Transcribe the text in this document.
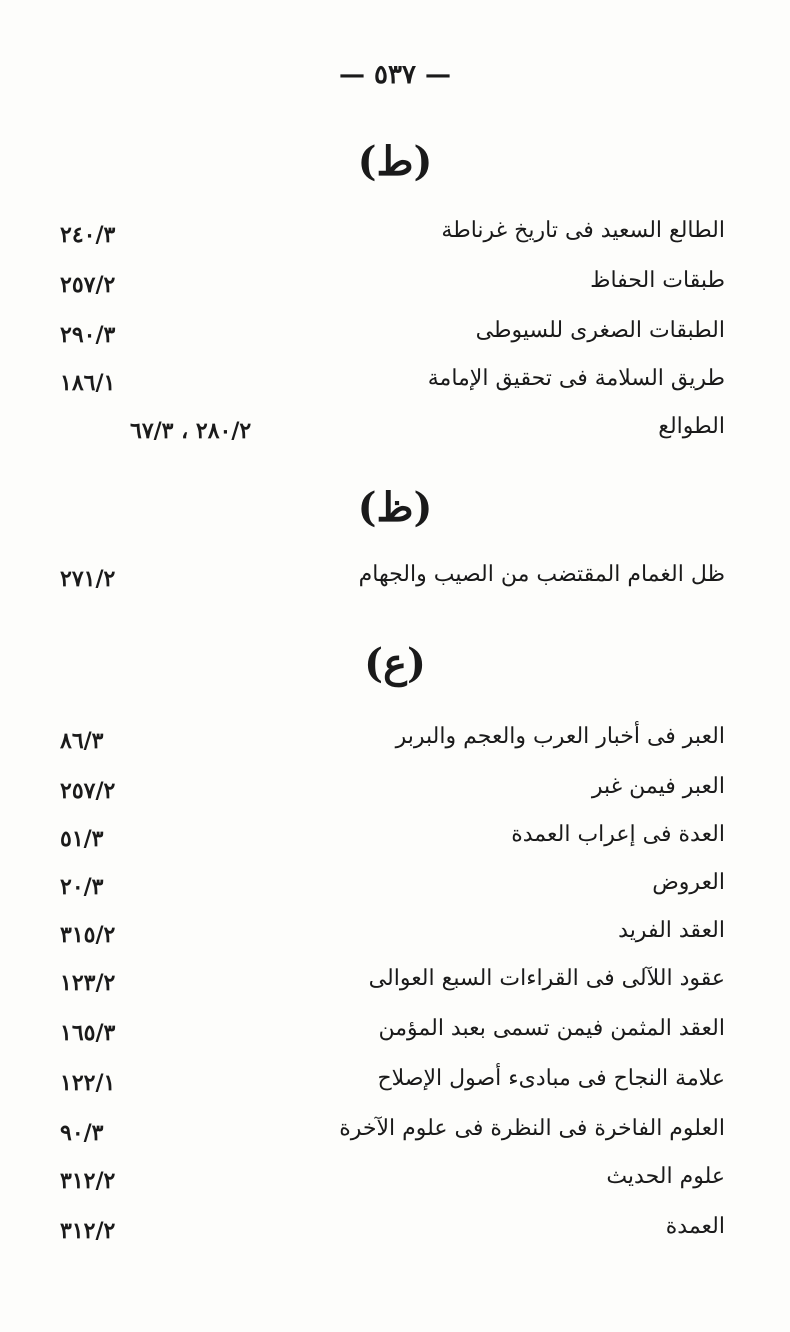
— ٥٣٧ —
(ط)
الطالع السعيد فى تاريخ غرناطة
٢٤٠/٣
طبقات الحفاظ
٢٥٧/٢
الطبقات الصغرى للسيوطى
٢٩٠/٣
طريق السلامة فى تحقيق الإمامة
١٨٦/١
الطوالع
٢٨٠/٢ ، ٦٧/٣
(ظ)
ظل الغمام المقتضب من الصيب والجهام
٢٧١/٢
(ع)
العبر فى أخبار العرب والعجم والبربر
٨٦/٣
العبر فيمن غبر
٢٥٧/٢
العدة فى إعراب العمدة
٥١/٣
العروض
٢٠/٣
العقد الفريد
٣١٥/٢
عقود اللآلى فى القراءات السبع العوالى
١٢٣/٢
العقد المثمن فيمن تسمى بعبد المؤمن
١٦٥/٣
علامة النجاح فى مبادىء أصول الإصلاح
١٢٢/١
العلوم الفاخرة فى النظرة فى علوم الآخرة
٩٠/٣
علوم الحديث
٣١٢/٢
العمدة
٣١٢/٢
